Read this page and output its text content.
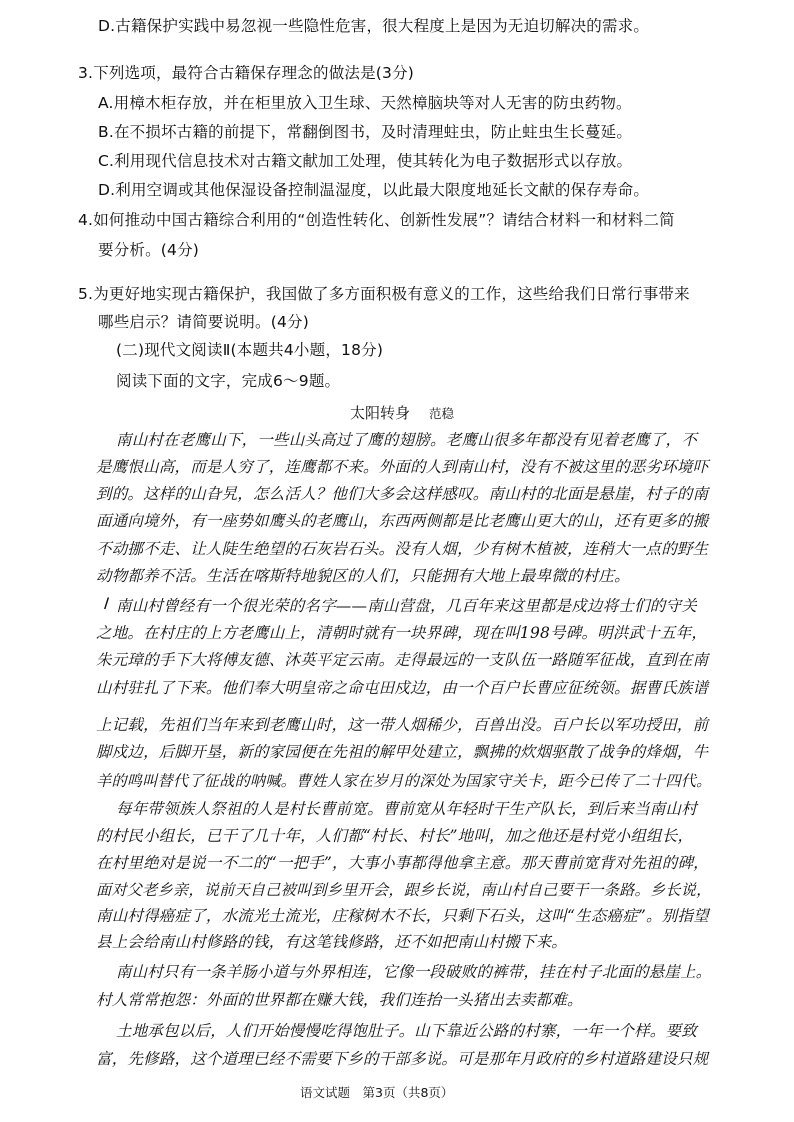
D.古籍保护实践中易忽视一些隐性危害，很大程度上是因为无迫切解决的需求。
3.下列选项，最符合古籍保存理念的做法是(3分)
A.用樟木柜存放，并在柜里放入卫生球、天然樟脑块等对人无害的防虫药物。
B.在不损坏古籍的前提下，常翻倒图书，及时清理蛀虫，防止蛀虫生长蔓延。
C.利用现代信息技术对古籍文献加工处理，使其转化为电子数据形式以存放。
D.利用空调或其他保湿设备控制温湿度，以此最大限度地延长文献的保存寿命。
4.如何推动中国古籍综合利用的“创造性转化、创新性发展”？请结合材料一和材料二简
要分析。(4分)
5.为更好地实现古籍保护，我国做了多方面积极有意义的工作，这些给我们日常行事带来
哪些启示？请简要说明。(4分)
(二)现代文阅读Ⅱ(本题共4小题，18分)
阅读下面的文字，完成6～9题。
太阳转身 范稳
南山村在老鹰山下，一些山头高过了鹰的翅膀。老鹰山很多年都没有见着老鹰了，不
是鹰恨山高，而是人穷了，连鹰都不来。外面的人到南山村，没有不被这里的恶劣环境吓
到的。这样的山旮旯，怎么活人？他们大多会这样感叹。南山村的北面是悬崖，村子的南
面通向境外，有一座势如鹰头的老鹰山，东西两侧都是比老鹰山更大的山，还有更多的搬
不动挪不走、让人陡生绝望的石灰岩石头。没有人烟，少有树木植被，连稍大一点的野生
动物都养不活。生活在喀斯特地貌区的人们，只能拥有大地上最卑微的村庄。
/ 南山村曾经有一个很光荣的名字——南山营盘，几百年来这里都是戍边将士们的守关
之地。在村庄的上方老鹰山上，清朝时就有一块界碑，现在叫198号碑。明洪武十五年，
朱元璋的手下大将傅友德、沐英平定云南。走得最远的一支队伍一路随军征战，直到在南
山村驻扎了下来。他们奉大明皇帝之命屯田戍边，由一个百户长曹应征统领。据曹氏族谱
上记载，先祖们当年来到老鹰山时，这一带人烟稀少，百兽出没。百户长以军功授田，前
脚戍边，后脚开垦，新的家园便在先祖的解甲处建立，飘拂的炊烟驱散了战争的烽烟，牛
羊的鸣叫替代了征战的呐喊。曹姓人家在岁月的深处为国家守关卡，距今已传了二十四代。
每年带领族人祭祖的人是村长曹前宽。曹前宽从年轻时干生产队长，到后来当南山村
的村民小组长，已干了几十年，人们都“村长、村长”地叫，加之他还是村党小组组长，
在村里绝对是说一不二的“一把手”，大事小事都得他拿主意。那天曹前宽背对先祖的碑，
面对父老乡亲，说前天自己被叫到乡里开会，跟乡长说，南山村自己要干一条路。乡长说，
南山村得癌症了，水流光土流光，庄稼树木不长，只剩下石头，这叫“生态癌症”。别指望
县上会给南山村修路的钱，有这笔钱修路，还不如把南山村搬下来。
南山村只有一条羊肠小道与外界相连，它像一段破败的裤带，挂在村子北面的悬崖上。
村人常常抱怨：外面的世界都在赚大钱，我们连抬一头猪出去卖都难。
土地承包以后，人们开始慢慢吃得饱肚子。山下靠近公路的村寨，一年一个样。要致
富，先修路，这个道理已经不需要下乡的干部多说。可是那年月政府的乡村道路建设只规
语文试题　第3页（共8页）
